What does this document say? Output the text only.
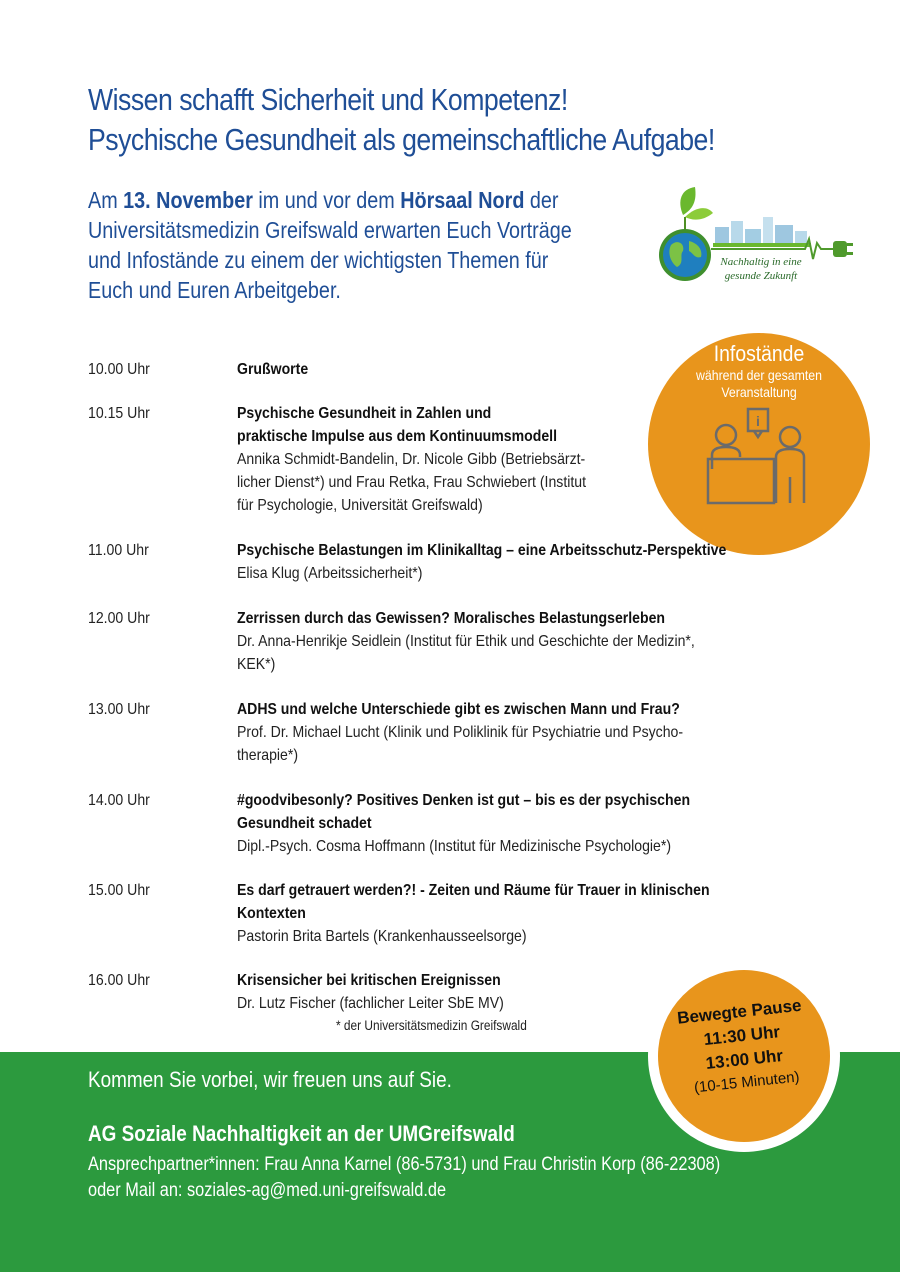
Wissen schafft Sicherheit und Kompetenz!
Psychische Gesundheit als gemeinschaftliche Aufgabe!
Am 13. November im und vor dem Hörsaal Nord der
Universitätsmedizin Greifswald erwarten Euch Vorträge
und Infostände zu einem der wichtigsten Themen für
Euch und Euren Arbeitgeber.
Nachhaltig in eine
gesunde Zukunft
Infostände
während der gesamten
Veranstaltung
i
10.00 Uhr	Grußworte
10.15 Uhr	Psychische Gesundheit in Zahlen und
praktische Impulse aus dem Kontinuumsmodell
Annika Schmidt-Bandelin, Dr. Nicole Gibb (Betriebsärzt-
licher Dienst*) und Frau Retka, Frau Schwiebert (Institut
für Psychologie, Universität Greifswald)
11.00 Uhr	Psychische Belastungen im Klinikalltag – eine Arbeitsschutz-Perspektive
Elisa Klug (Arbeitssicherheit*)
12.00 Uhr	Zerrissen durch das Gewissen? Moralisches Belastungserleben
Dr. Anna-Henrikje Seidlein (Institut für Ethik und Geschichte der Medizin*,
KEK*)
13.00 Uhr	ADHS und welche Unterschiede gibt es zwischen Mann und Frau?
Prof. Dr. Michael Lucht (Klinik und Poliklinik für Psychiatrie und Psycho-
therapie*)
14.00 Uhr	#goodvibesonly? Positives Denken ist gut – bis es der psychischen
Gesundheit schadet
Dipl.-Psych. Cosma Hoffmann (Institut für Medizinische Psychologie*)
15.00 Uhr	Es darf getrauert werden?! - Zeiten und Räume für Trauer in klinischen
Kontexten
Pastorin Brita Bartels (Krankenhausseelsorge)
16.00 Uhr	Krisensicher bei kritischen Ereignissen
Dr. Lutz Fischer (fachlicher Leiter SbE MV)
* der Universitätsmedizin Greifswald
Kommen Sie vorbei, wir freuen uns auf Sie.
AG Soziale Nachhaltigkeit an der UMGreifswald
Ansprechpartner*innen: Frau Anna Karnel (86-5731) und Frau Christin Korp (86-22308)
oder Mail an: soziales-ag@med.uni-greifswald.de
Bewegte Pause
11:30 Uhr
13:00 Uhr
(10-15 Minuten)
